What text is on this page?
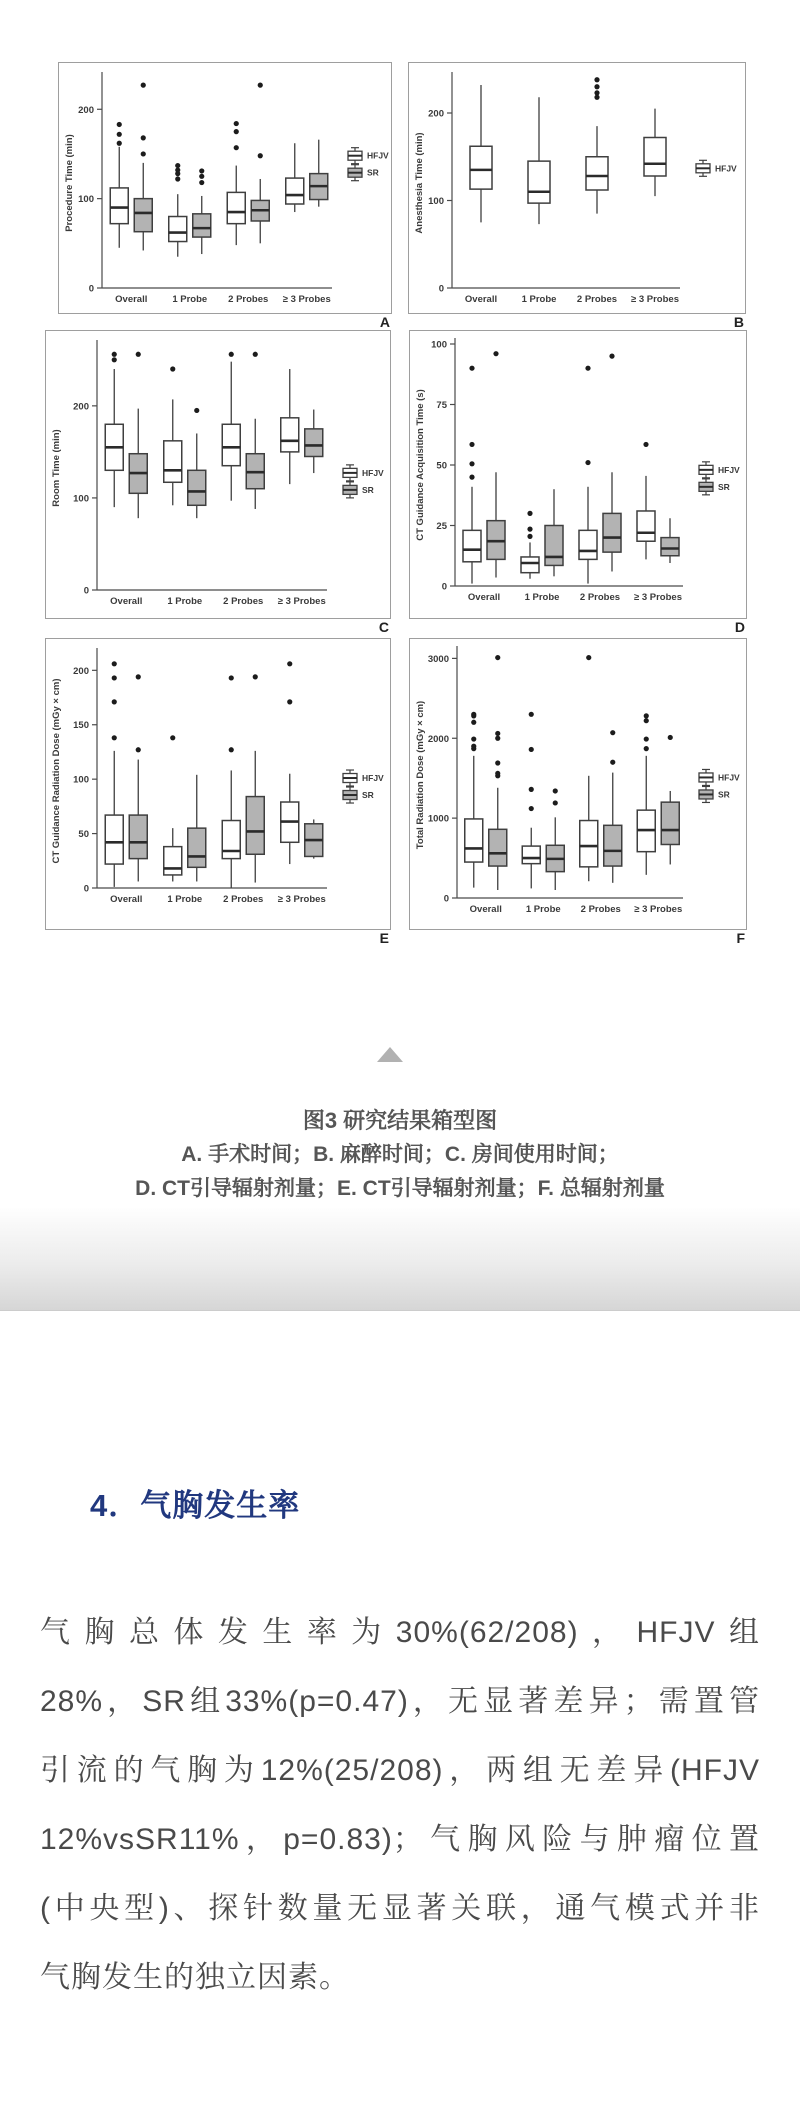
0
100
200
Procedure Time (min)
Overall	1 Probe 2 Probes ≥ 3 Probes
HFJV
SR
A
0
100
200
Anesthesia Time (min)
Overall	1 Probe 2 Probes ≥ 3 Probes
HFJV
B
0
100
200
Room Time (min)
Overall	1 Probe 2 Probes ≥ 3 Probes
HFJV
SR
C
0
25
50
75
100
CT Guidance Acquisition Time (s)
Overall	1 Probe 2 Probes ≥ 3 Probes
HFJV
SR
D
0
50
100
150
200
CT Guidance Radiation Dose (mGy × cm)
Overall	1 Probe 2 Probes ≥ 3 Probes
HFJV
SR
E
0
1000
2000
3000
Total Radiation Dose (mGy × cm)
Overall	1 Probe 2 Probes ≥ 3 Probes
HFJV
SR
F
图3 研究结果箱型图
A. 手术时间；B. 麻醉时间；C. 房间使用时间；
D. CT引导辐射剂量；E. CT引导辐射剂量；F. 总辐射剂量
4．气胸发生率
气胸总体发生率为30%(62/208)，HFJV组
28%，SR组33%(p=0.47)，无显著差异；需置管
引流的气胸为12%(25/208)，两组无差异(HFJV
12%vsSR11%，p=0.83)；气胸风险与肿瘤位置
(中央型)、探针数量无显著关联，通气模式并非
气胸发生的独立因素。
